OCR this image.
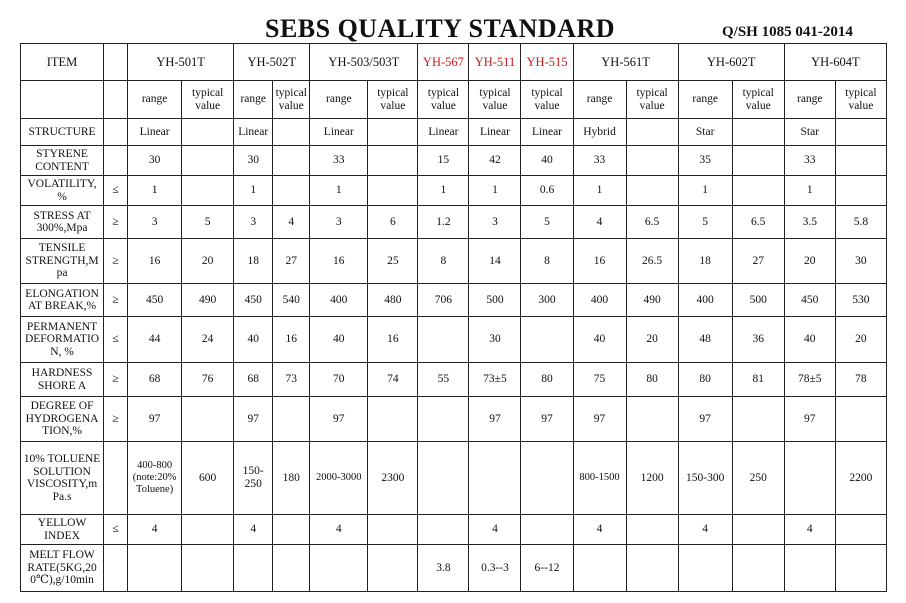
SEBS QUALITY STANDARD	Q/SH 1085 041-2014
ITEM		YH-501T		YH-502T		YH-503/503T		YH-567	YH-511	YH-515	YH-561T		YH-602T		YH-604T	
		range	typical value	range	typical value	range	typical value	typical value	typical value	typical value	range	typical value	range	typical value	range	typical value
STRUCTURE		Linear		Linear		Linear		Linear	Linear	Linear	Hybrid		Star		Star	
STYRENE CONTENT		30		30		33		15	42	40	33		35		33	
VOLATILITY, %	≤	1		1		1		1	1	0.6	1		1		1	
STRESS AT 300%,Mpa	≥	3	5	3	4	3	6	1.2	3	5	4	6.5	5	6.5	3.5	5.8
TENSILE STRENGTH,M pa	≥	16	20	18	27	16	25	8	14	8	16	26.5	18	27	20	30
ELONGATION AT BREAK,%	≥	450	490	450	540	400	480	706	500	300	400	490	400	500	450	530
PERMANENT DEFORMATIO N, %	≤	44	24	40	16	40	16		30		40	20	48	36	40	20
HARDNESS SHORE A	≥	68	76	68	73	70	74	55	73±5	80	75	80	80	81	78±5	78
DEGREE OF HYDROGENA TION,%	≥	97		97		97			97	97	97		97		97	
10% TOLUENE SOLUTION VISCOSITY,m Pa.s		400-800 (note:20% Toluene)	600	150-250	180	2000-3000	2300				800-1500	1200	150-300	250		2200
YELLOW INDEX	≤	4		4		4			4		4		4		4	
MELT FLOW RATE(5KG,20 0℃),g/10min								3.8	0.3--3	6--12						
